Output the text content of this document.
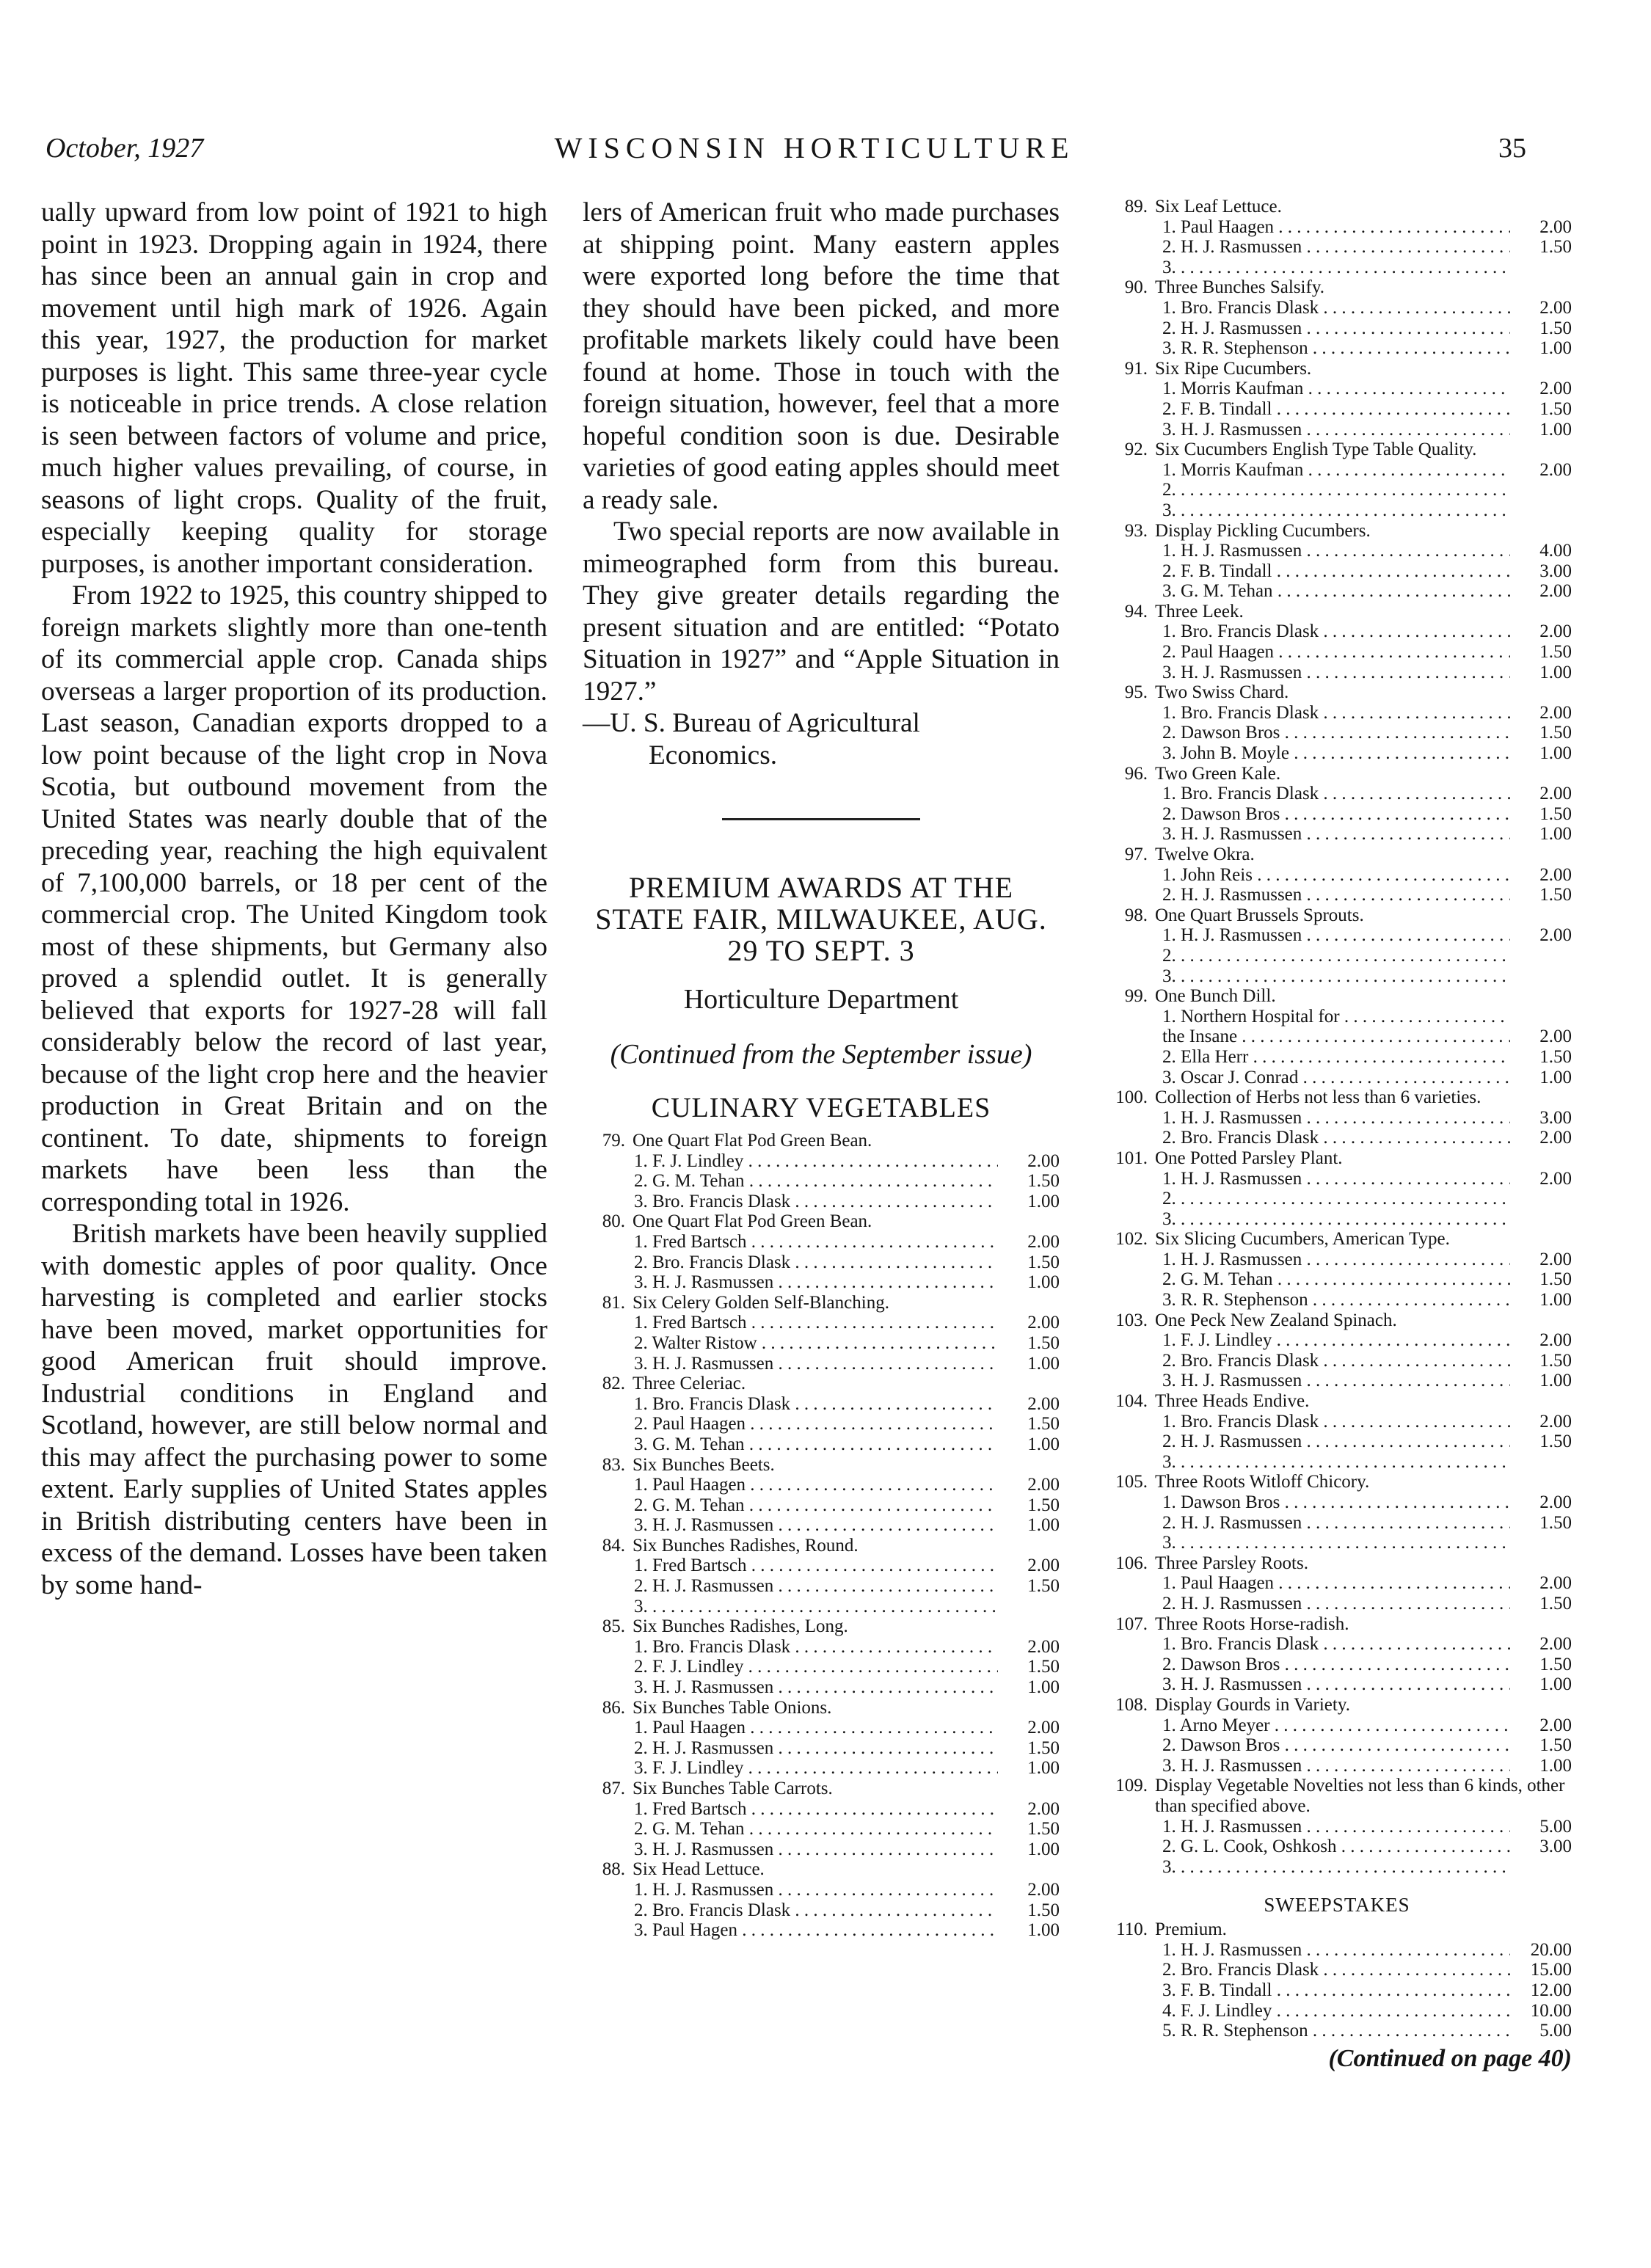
October, 1927	WISCONSIN HORTICULTURE	35

ually upward from low point of 1921 to high point in 1923. Dropping again in 1924, there has since been an annual gain in crop and movement until high mark of 1926. Again this year, 1927, the production for market purposes is light. This same three-year cycle is noticeable in price trends. A close relation is seen between factors of volume and price, much higher values prevailing, of course, in seasons of light crops. Quality of the fruit, especially keeping quality for storage purposes, is another important consideration.

From 1922 to 1925, this country shipped to foreign markets slightly more than one-tenth of its commercial apple crop. Canada ships overseas a larger proportion of its production. Last season, Canadian exports dropped to a low point because of the light crop in Nova Scotia, but outbound movement from the United States was nearly double that of the preceding year, reaching the high equivalent of 7,100,000 barrels, or 18 per cent of the commercial crop. The United Kingdom took most of these shipments, but Germany also proved a splendid outlet. It is generally believed that exports for 1927-28 will fall considerably below the record of last year, because of the light crop here and the heavier production in Great Britain and on the continent. To date, shipments to foreign markets have been less than the corresponding total in 1926.

British markets have been heavily supplied with domestic apples of poor quality. Once harvesting is completed and earlier stocks have been moved, market opportunities for good American fruit should improve. Industrial conditions in England and Scotland, however, are still below normal and this may affect the purchasing power to some extent. Early supplies of United States apples in British distributing centers have been in excess of the demand. Losses have been taken by some hand-

lers of American fruit who made purchases at shipping point. Many eastern apples were exported long before the time that they should have been picked, and more profitable markets likely could have been found at home. Those in touch with the foreign situation, however, feel that a more hopeful condition soon is due. Desirable varieties of good eating apples should meet a ready sale.

Two special reports are now available in mimeographed form from this bureau. They give greater details regarding the present situation and are entitled: “Potato Situation in 1927” and “Apple Situation in 1927.”

—U. S. Bureau of Agricultural

Economics.

PREMIUM AWARDS AT THE STATE FAIR, MILWAUKEE, AUG. 29 TO SEPT. 3

Horticulture Department

(Continued from the September issue)

CULINARY VEGETABLES

79. One Quart Flat Pod Green Bean.
1. F. J. Lindley . . .	2.00
2. G. M. Tehan . . .	1.50
3. Bro. Francis Dlask . . .	1.00
80. One Quart Flat Pod Green Bean.
1. Fred Bartsch . . .	2.00
2. Bro. Francis Dlask . . .	1.50
3. H. J. Rasmussen . . .	1.00
81. Six Celery Golden Self-Blanching.
1. Fred Bartsch . . .	2.00
2. Walter Ristow . . .	1.50
3. H. J. Rasmussen . . .	1.00
82. Three Celeriac.
1. Bro. Francis Dlask . . .	2.00
2. Paul Haagen . . .	1.50
3. G. M. Tehan . . .	1.00
83. Six Bunches Beets.
1. Paul Haagen . . .	2.00
2. G. M. Tehan . . .	1.50
3. H. J. Rasmussen . . .	1.00
84. Six Bunches Radishes, Round.
1. Fred Bartsch . . .	2.00
2. H. J. Rasmussen . . .	1.50
3. . . .
85. Six Bunches Radishes, Long.
1. Bro. Francis Dlask . . .	2.00
2. F. J. Lindley . . .	1.50
3. H. J. Rasmussen . . .	1.00
86. Six Bunches Table Onions.
1. Paul Haagen . . .	2.00
2. H. J. Rasmussen . . .	1.50
3. F. J. Lindley . . .	1.00
87. Six Bunches Table Carrots.
1. Fred Bartsch . . .	2.00
2. G. M. Tehan . . .	1.50
3. H. J. Rasmussen . . .	1.00
88. Six Head Lettuce.
1. H. J. Rasmussen . . .	2.00
2. Bro. Francis Dlask . . .	1.50
3. Paul Hagen . . .	1.00
89. Six Leaf Lettuce.
1. Paul Haagen . . .	2.00
2. H. J. Rasmussen . . .	1.50
3. . . .
90. Three Bunches Salsify.
1. Bro. Francis Dlask . . .	2.00
2. H. J. Rasmussen . . .	1.50
3. R. R. Stephenson . . .	1.00
91. Six Ripe Cucumbers.
1. Morris Kaufman . . .	2.00
2. F. B. Tindall . . .	1.50
3. H. J. Rasmussen . . .	1.00
92. Six Cucumbers English Type Table Quality.
1. Morris Kaufman . . .	2.00
2. . . .
3. . . .
93. Display Pickling Cucumbers.
1. H. J. Rasmussen . . .	4.00
2. F. B. Tindall . . .	3.00
3. G. M. Tehan . . .	2.00
94. Three Leek.
1. Bro. Francis Dlask . . .	2.00
2. Paul Haagen . . .	1.50
3. H. J. Rasmussen . . .	1.00
95. Two Swiss Chard.
1. Bro. Francis Dlask . . .	2.00
2. Dawson Bros . . .	1.50
3. John B. Moyle . . .	1.00
96. Two Green Kale.
1. Bro. Francis Dlask . . .	2.00
2. Dawson Bros . . .	1.50
3. H. J. Rasmussen . . .	1.00
97. Twelve Okra.
1. John Reis . . .	2.00
2. H. J. Rasmussen . . .	1.50
98. One Quart Brussels Sprouts.
1. H. J. Rasmussen . . .	2.00
2. . . .
3. . . .
99. One Bunch Dill.
1. Northern Hospital for . . .
the Insane . . .	2.00
2. Ella Herr . . .	1.50
3. Oscar J. Conrad . . .	1.00
100. Collection of Herbs not less than 6 varieties.
1. H. J. Rasmussen . . .	3.00
2. Bro. Francis Dlask . . .	2.00
101. One Potted Parsley Plant.
1. H. J. Rasmussen . . .	2.00
2. . . .
3. . . .
102. Six Slicing Cucumbers, American Type.
1. H. J. Rasmussen . . .	2.00
2. G. M. Tehan . . .	1.50
3. R. R. Stephenson . . .	1.00
103. One Peck New Zealand Spinach.
1. F. J. Lindley . . .	2.00
2. Bro. Francis Dlask . . .	1.50
3. H. J. Rasmussen . . .	1.00
104. Three Heads Endive.
1. Bro. Francis Dlask . . .	2.00
2. H. J. Rasmussen . . .	1.50
3. . . .
105. Three Roots Witloff Chicory.
1. Dawson Bros . . .	2.00
2. H. J. Rasmussen . . .	1.50
3. . . .
106. Three Parsley Roots.
1. Paul Haagen . . .	2.00
2. H. J. Rasmussen . . .	1.50
107. Three Roots Horse-radish.
1. Bro. Francis Dlask . . .	2.00
2. Dawson Bros . . .	1.50
3. H. J. Rasmussen . . .	1.00
108. Display Gourds in Variety.
1. Arno Meyer . . .	2.00
2. Dawson Bros . . .	1.50
3. H. J. Rasmussen . . .	1.00
109. Display Vegetable Novelties not less than 6 kinds, other than specified above.
1. H. J. Rasmussen . . .	5.00
2. G. L. Cook, Oshkosh . . .	3.00
3. . . .

SWEEPSTAKES

110. Premium.
1. H. J. Rasmussen . . .	20.00
2. Bro. Francis Dlask . . .	15.00
3. F. B. Tindall . . .	12.00
4. F. J. Lindley . . .	10.00
5. R. R. Stephenson . . .	5.00

(Continued on page 40)
